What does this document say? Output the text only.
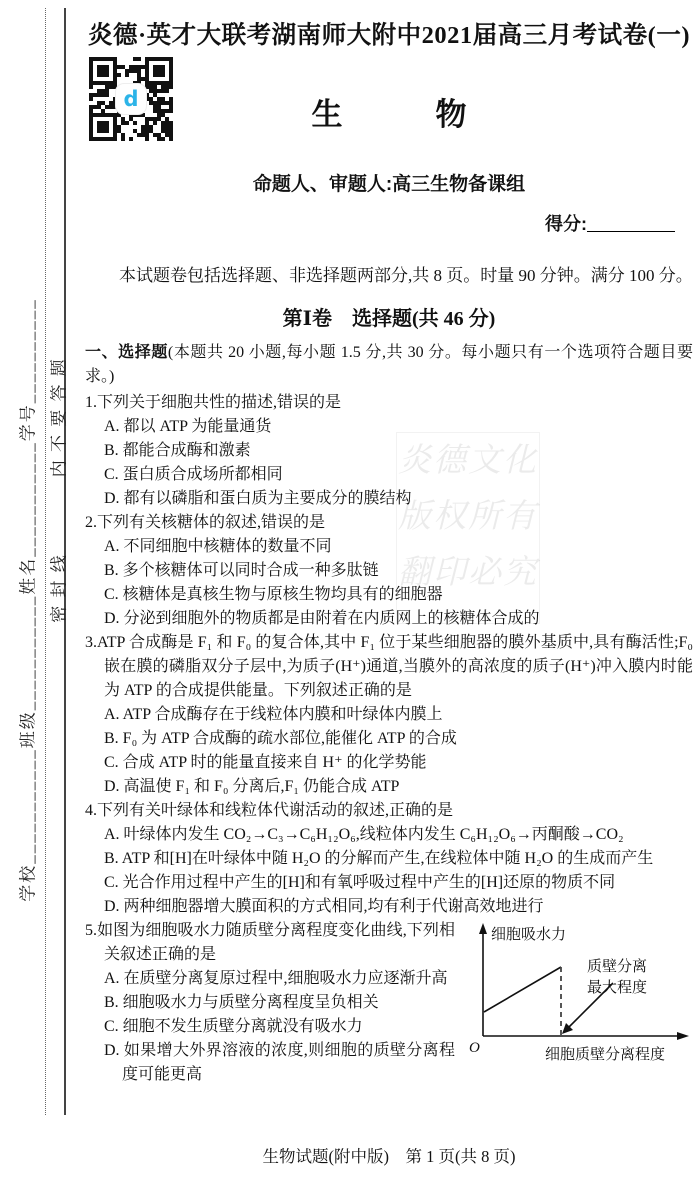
学校___________班级___________姓名___________学号__________ 密 封 线　　　　内 不 要 答 题	炎德文化
版权所有
翻印必究
炎德·英才大联考湖南师大附中2021届高三月考试卷(一)
d	生　　　物
命题人、审题人:高三生物备课组
得分:

本试题卷包括选择题、非选择题两部分,共 8 页。时量 90 分钟。满分 100 分。

第Ⅰ卷　选择题(共 46 分)

一、选择题(本题共 20 小题,每小题 1.5 分,共 30 分。每小题只有一个选项符合题目要求。)

1.下列关于细胞共性的描述,错误的是
A. 都以 ATP 为能量通货
B. 都能合成酶和激素
C. 蛋白质合成场所都相同
D. 都有以磷脂和蛋白质为主要成分的膜结构
2.下列有关核糖体的叙述,错误的是
A. 不同细胞中核糖体的数量不同
B. 多个核糖体可以同时合成一种多肽链
C. 核糖体是真核生物与原核生物均具有的细胞器
D. 分泌到细胞外的物质都是由附着在内质网上的核糖体合成的
3.ATP 合成酶是 F₁ 和 F₀ 的复合体,其中 F₁ 位于某些细胞器的膜外基质中,具有酶活性;F₀ 嵌在膜的磷脂双分子层中,为质子(H⁺)通道,当膜外的高浓度的质子(H⁺)冲入膜内时能为 ATP 的合成提供能量。下列叙述正确的是
A. ATP 合成酶存在于线粒体内膜和叶绿体内膜上
B. F₀ 为 ATP 合成酶的疏水部位,能催化 ATP 的合成
C. 合成 ATP 时的能量直接来自 H⁺ 的化学势能
D. 高温使 F₁ 和 F₀ 分离后,F₁ 仍能合成 ATP
4.下列有关叶绿体和线粒体代谢活动的叙述,正确的是
A. 叶绿体内发生 CO₂→C₃→C₆H₁₂O₆,线粒体内发生 C₆H₁₂O₆→丙酮酸→CO₂
B. ATP 和[H]在叶绿体中随 H₂O 的分解而产生,在线粒体中随 H₂O 的生成而产生
C. 光合作用过程中产生的[H]和有氧呼吸过程中产生的[H]还原的物质不同
D. 两种细胞器增大膜面积的方式相同,均有利于代谢高效地进行
细胞吸水力
质壁分离
最大程度
O	细胞质壁分离程度
5.如图为细胞吸水力随质壁分离程度变化曲线,下列相关叙述正确的是
A. 在质壁分离复原过程中,细胞吸水力应逐渐升高
B. 细胞吸水力与质壁分离程度呈负相关
C. 细胞不发生质壁分离就没有吸水力
D. 如果增大外界溶液的浓度,则细胞的质壁分离程度可能更高
生物试题(附中版)　第 1 页(共 8 页)
